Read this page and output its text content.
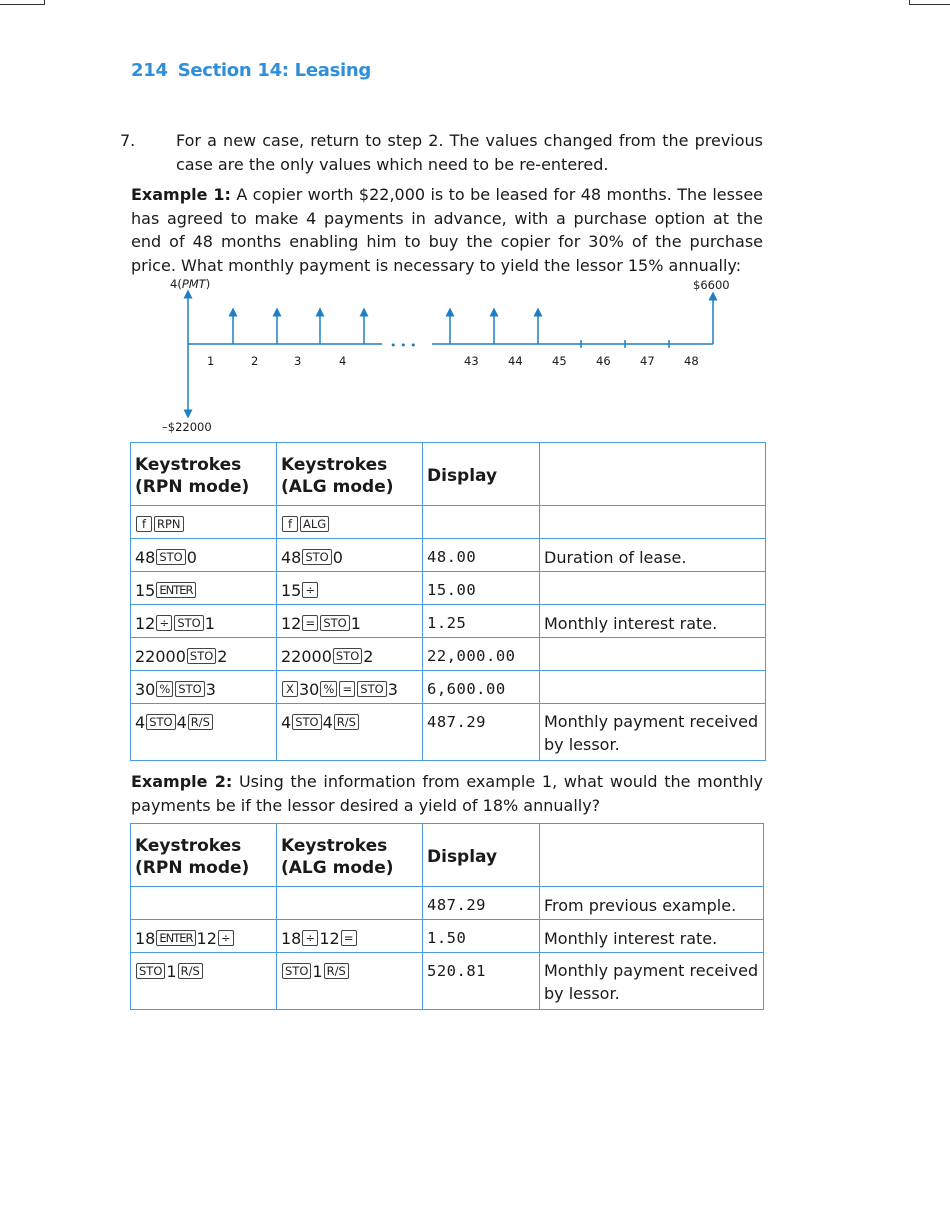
214 Section 14: Leasing
7.	For a new case, return to step 2. The values changed from the previous case are the only values which need to be re-entered.
Example 1: A copier worth $22,000 is to be leased for 48 months. The lessee has agreed to make 4 payments in advance, with a purchase option at the end of 48 months enabling him to buy the copier for 30% of the purchase price. What monthly payment is necessary to yield the lessor 15% annually:
4(PMT)	$6600
–$22000
• • •
1	2	3	4	43	44	45	46	47	48
Keystrokes (RPN mode)	Keystrokes (ALG mode)	Display	
f RPN	f ALG		
48 STO 0	48 STO 0	48.00	Duration of lease.
15 ENTER	15 ÷	15.00	
12 ÷ STO 1	12 = STO 1	1.25	Monthly interest rate.
22000 STO 2	22000 STO 2	22,000.00	
30 % STO 3	X 30 % = STO 3	6,600.00	
4 STO 4 R/S	4 STO 4 R/S	487.29	Monthly payment received by lessor.
Example 2: Using the information from example 1, what would the monthly payments be if the lessor desired a yield of 18% annually?
Keystrokes (RPN mode)	Keystrokes (ALG mode)	Display	
		487.29	From previous example.
18 ENTER 12 ÷	18 ÷ 12 =	1.50	Monthly interest rate.
STO 1 R/S	STO 1 R/S	520.81	Monthly payment received by lessor.
